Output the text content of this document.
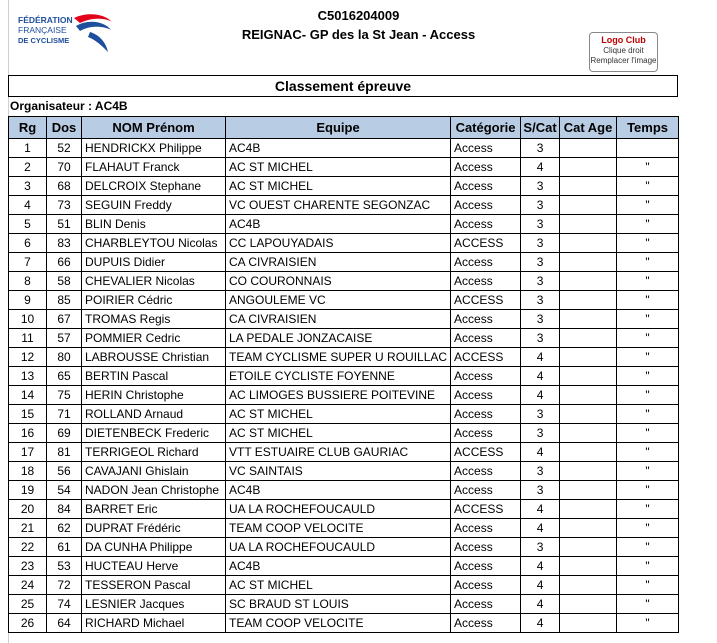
FÉDÉRATION
FRANÇAISE
DE CYCLISME
C5016204009
REIGNAC- GP des la St Jean - Access	Logo Club
Clique droit
Remplacer l'image
Classement épreuve
Organisateur : AC4B
Rg	Dos	NOM Prénom	Equipe	Catégorie	S/Cat	Cat Age	Temps
1	52	HENDRICKX Philippe	AC4B	Access	3		
2	70	FLAHAUT Franck	AC ST MICHEL	Access	4		"
3	68	DELCROIX Stephane	AC ST MICHEL	Access	3		"
4	73	SEGUIN Freddy	VC OUEST CHARENTE SEGONZAC	Access	3		"
5	51	BLIN Denis	AC4B	Access	3		"
6	83	CHARBLEYTOU Nicolas	CC LAPOUYADAIS	ACCESS	3		"
7	66	DUPUIS Didier	CA CIVRAISIEN	Access	3		"
8	58	CHEVALIER Nicolas	CO COURONNAIS	Access	3		"
9	85	POIRIER Cédric	ANGOULEME VC	ACCESS	3		"
10	67	TROMAS Regis	CA CIVRAISIEN	Access	3		"
11	57	POMMIER Cedric	LA PEDALE JONZACAISE	Access	3		"
12	80	LABROUSSE Christian	TEAM CYCLISME SUPER U ROUILLAC	ACCESS	4		"
13	65	BERTIN Pascal	ETOILE CYCLISTE FOYENNE	Access	4		"
14	75	HERIN Christophe	AC LIMOGES BUSSIERE POITEVINE	Access	4		"
15	71	ROLLAND Arnaud	AC ST MICHEL	Access	3		"
16	69	DIETENBECK Frederic	AC ST MICHEL	Access	3		"
17	81	TERRIGEOL Richard	VTT ESTUAIRE CLUB GAURIAC	ACCESS	4		"
18	56	CAVAJANI Ghislain	VC SAINTAIS	Access	3		"
19	54	NADON Jean Christophe	AC4B	Access	3		"
20	84	BARRET Eric	UA LA ROCHEFOUCAULD	ACCESS	4		"
21	62	DUPRAT Frédéric	TEAM COOP VELOCITE	Access	4		"
22	61	DA CUNHA Philippe	UA LA ROCHEFOUCAULD	Access	3		"
23	53	HUCTEAU Herve	AC4B	Access	4		"
24	72	TESSERON Pascal	AC ST MICHEL	Access	4		"
25	74	LESNIER Jacques	SC BRAUD ST LOUIS	Access	4		"
26	64	RICHARD Michael	TEAM COOP VELOCITE	Access	4		"
